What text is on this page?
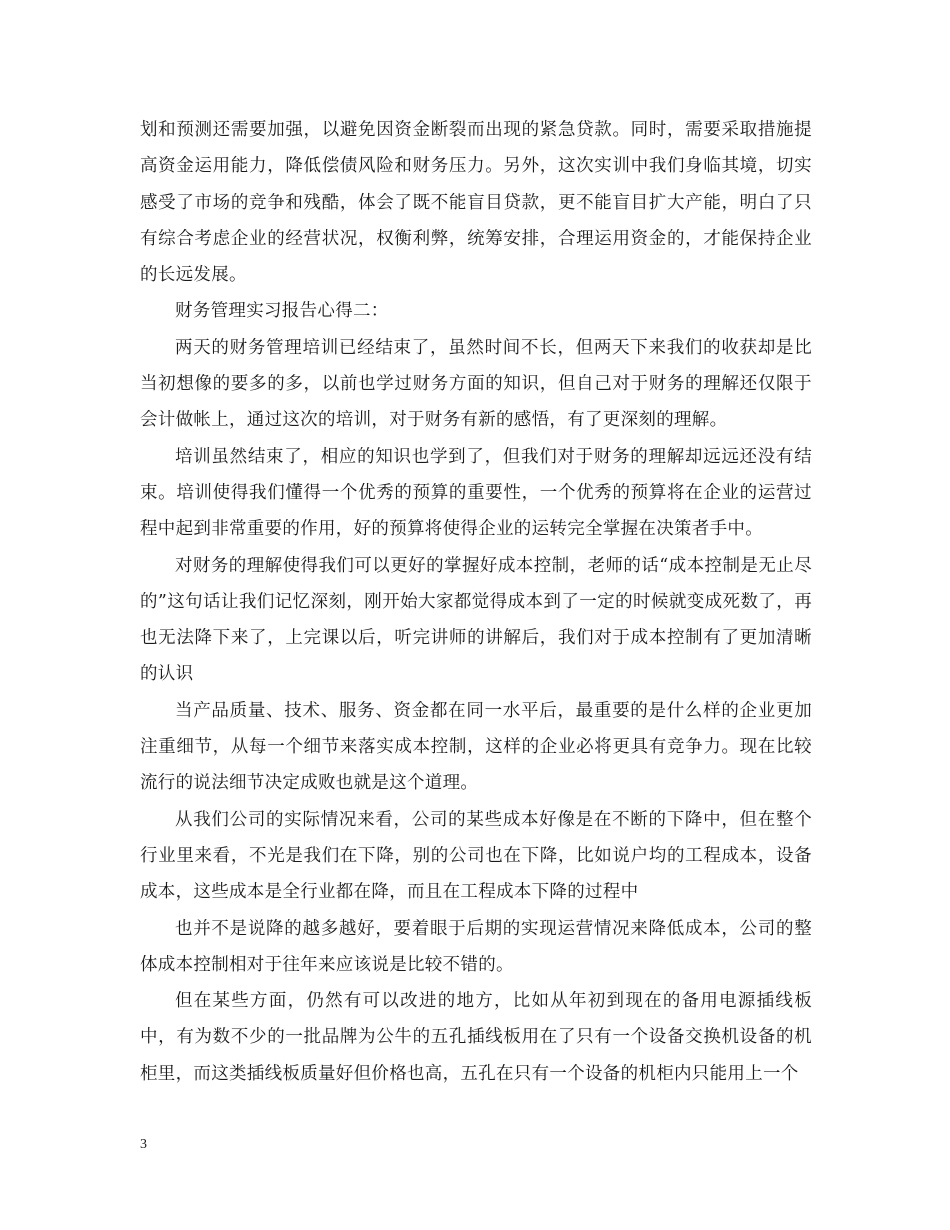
划和预测还需要加强，以避免因资金断裂而出现的紧急贷款。同时，需要采取措施提高资金运用能力，降低偿债风险和财务压力。另外，这次实训中我们身临其境，切实感受了市场的竞争和残酷，体会了既不能盲目贷款，更不能盲目扩大产能，明白了只有综合考虑企业的经营状况，权衡利弊，统筹安排，合理运用资金的，才能保持企业的长远发展。

财务管理实习报告心得二：

两天的财务管理培训已经结束了，虽然时间不长，但两天下来我们的收获却是比当初想像的要多的多，以前也学过财务方面的知识，但自己对于财务的理解还仅限于会计做帐上，通过这次的培训，对于财务有新的感悟，有了更深刻的理解。

培训虽然结束了，相应的知识也学到了，但我们对于财务的理解却远远还没有结束。培训使得我们懂得一个优秀的预算的重要性，一个优秀的预算将在企业的运营过程中起到非常重要的作用，好的预算将使得企业的运转完全掌握在决策者手中。

对财务的理解使得我们可以更好的掌握好成本控制，老师的话“成本控制是无止尽的”这句话让我们记忆深刻，刚开始大家都觉得成本到了一定的时候就变成死数了，再也无法降下来了，上完课以后，听完讲师的讲解后，我们对于成本控制有了更加清晰的认识

当产品质量、技术、服务、资金都在同一水平后，最重要的是什么样的企业更加注重细节，从每一个细节来落实成本控制，这样的企业必将更具有竞争力。现在比较流行的说法细节决定成败也就是这个道理。

从我们公司的实际情况来看，公司的某些成本好像是在不断的下降中，但在整个行业里来看，不光是我们在下降，别的公司也在下降，比如说户均的工程成本，设备成本，这些成本是全行业都在降，而且在工程成本下降的过程中

也并不是说降的越多越好，要着眼于后期的实现运营情况来降低成本，公司的整体成本控制相对于往年来应该说是比较不错的。

但在某些方面，仍然有可以改进的地方，比如从年初到现在的备用电源插线板中，有为数不少的一批品牌为公牛的五孔插线板用在了只有一个设备交换机设备的机柜里，而这类插线板质量好但价格也高，五孔在只有一个设备的机柜内只能用上一个

3
